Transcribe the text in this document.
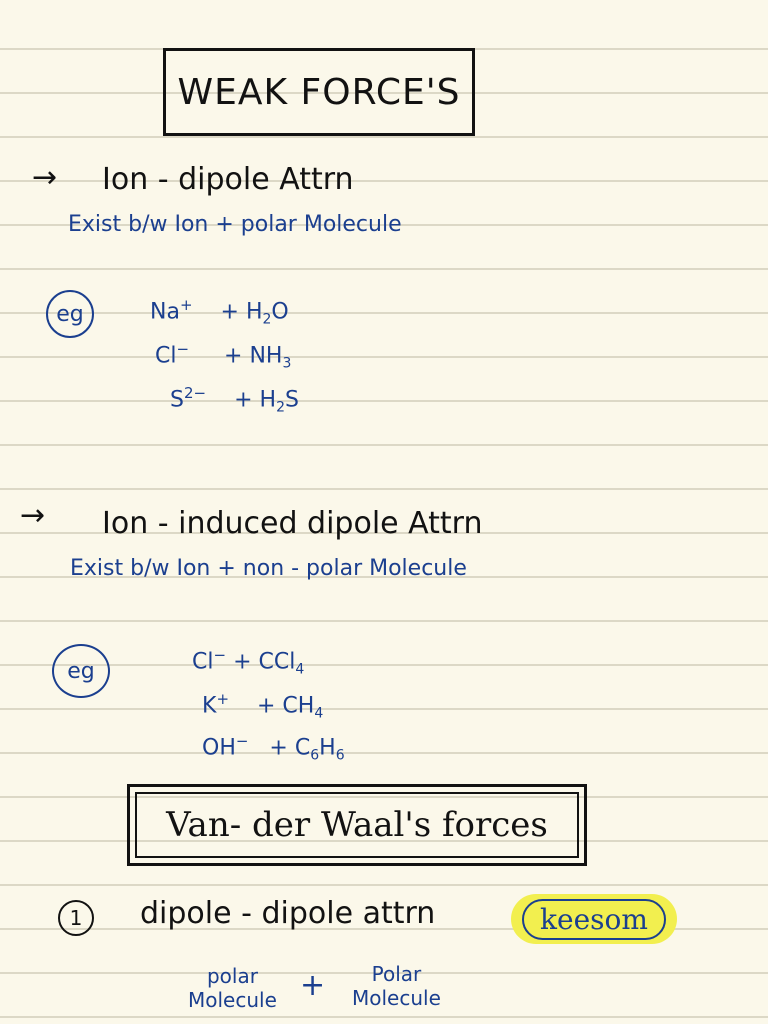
WEAK FORCE'S
→ Ion - dipole Attrn
Exist b/w Ion + polar Molecule
eg	$Na^+ + H_2O$
$Cl^- + NH_3$
$S^{2-} + H_2S$
→ Ion - induced dipole Attrn
Exist b/w Ion + non - polar Molecule
eg	Cl− + CCl$_4$
$K^+ + CH_4$
$OH^- + C_6H_6$
Van- der Waal's forces
1 dipole - dipole attrn	keesom
polar
Molecule +	Polar
Molecule
